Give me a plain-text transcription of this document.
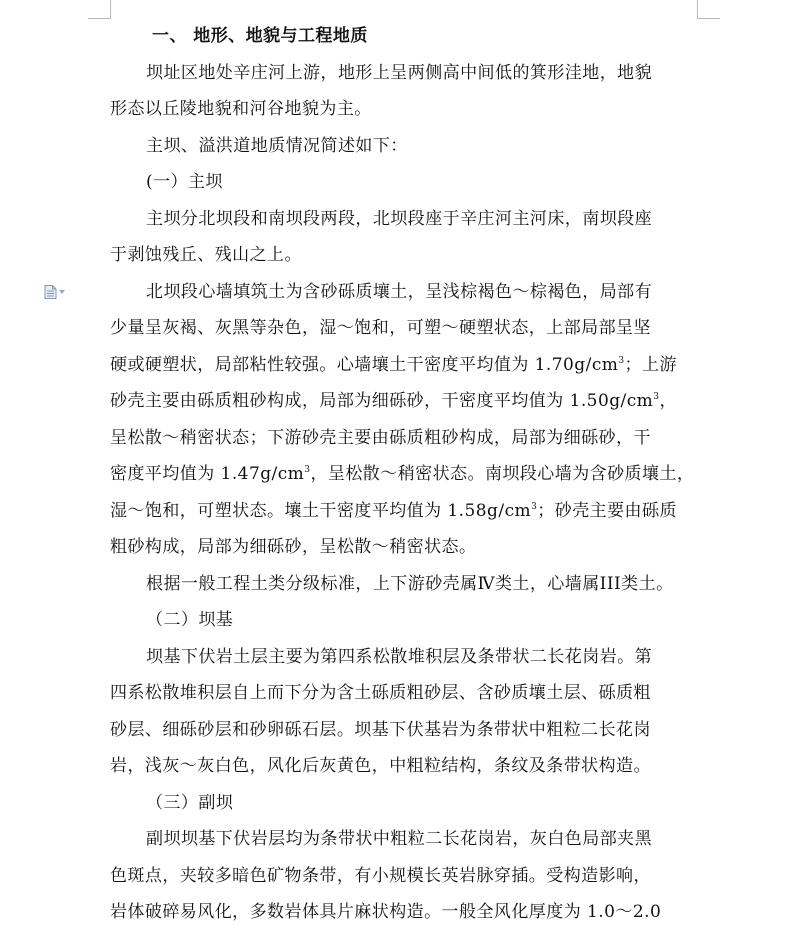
一、 地形、地貌与工程地质
坝址区地处辛庄河上游，地形上呈两侧高中间低的箕形洼地，地貌
形态以丘陵地貌和河谷地貌为主。
主坝、溢洪道地质情况简述如下：
(一）主坝
主坝分北坝段和南坝段两段，北坝段座于辛庄河主河床，南坝段座
于剥蚀残丘、残山之上。
北坝段心墙填筑土为含砂砾质壤土，呈浅棕褐色～棕褐色，局部有
少量呈灰褐、灰黑等杂色，湿～饱和，可塑～硬塑状态，上部局部呈坚
硬或硬塑状，局部粘性较强。心墙壤土干密度平均值为 $1.70g/cm^3$；上游
砂壳主要由砾质粗砂构成，局部为细砾砂，干密度平均值为 $1.50g/cm^3$，
呈松散～稍密状态；下游砂壳主要由砾质粗砂构成，局部为细砾砂，干
密度平均值为 $1.47g/cm^3$，呈松散～稍密状态。南坝段心墙为含砂质壤土，
湿～饱和，可塑状态。壤土干密度平均值为 $1.58g/cm^3$；砂壳主要由砾质
粗砂构成，局部为细砾砂，呈松散～稍密状态。
根据一般工程土类分级标准，上下游砂壳属Ⅳ类土，心墙属III类土。
（二）坝基
坝基下伏岩土层主要为第四系松散堆积层及条带状二长花岗岩。第
四系松散堆积层自上而下分为含土砾质粗砂层、含砂质壤土层、砾质粗
砂层、细砾砂层和砂卵砾石层。坝基下伏基岩为条带状中粗粒二长花岗
岩，浅灰～灰白色，风化后灰黄色，中粗粒结构，条纹及条带状构造。
（三）副坝
副坝坝基下伏岩层均为条带状中粗粒二长花岗岩，灰白色局部夹黑
色斑点，夹较多暗色矿物条带，有小规模长英岩脉穿插。受构造影响，
岩体破碎易风化，多数岩体具片麻状构造。一般全风化厚度为 1.0～2.0
